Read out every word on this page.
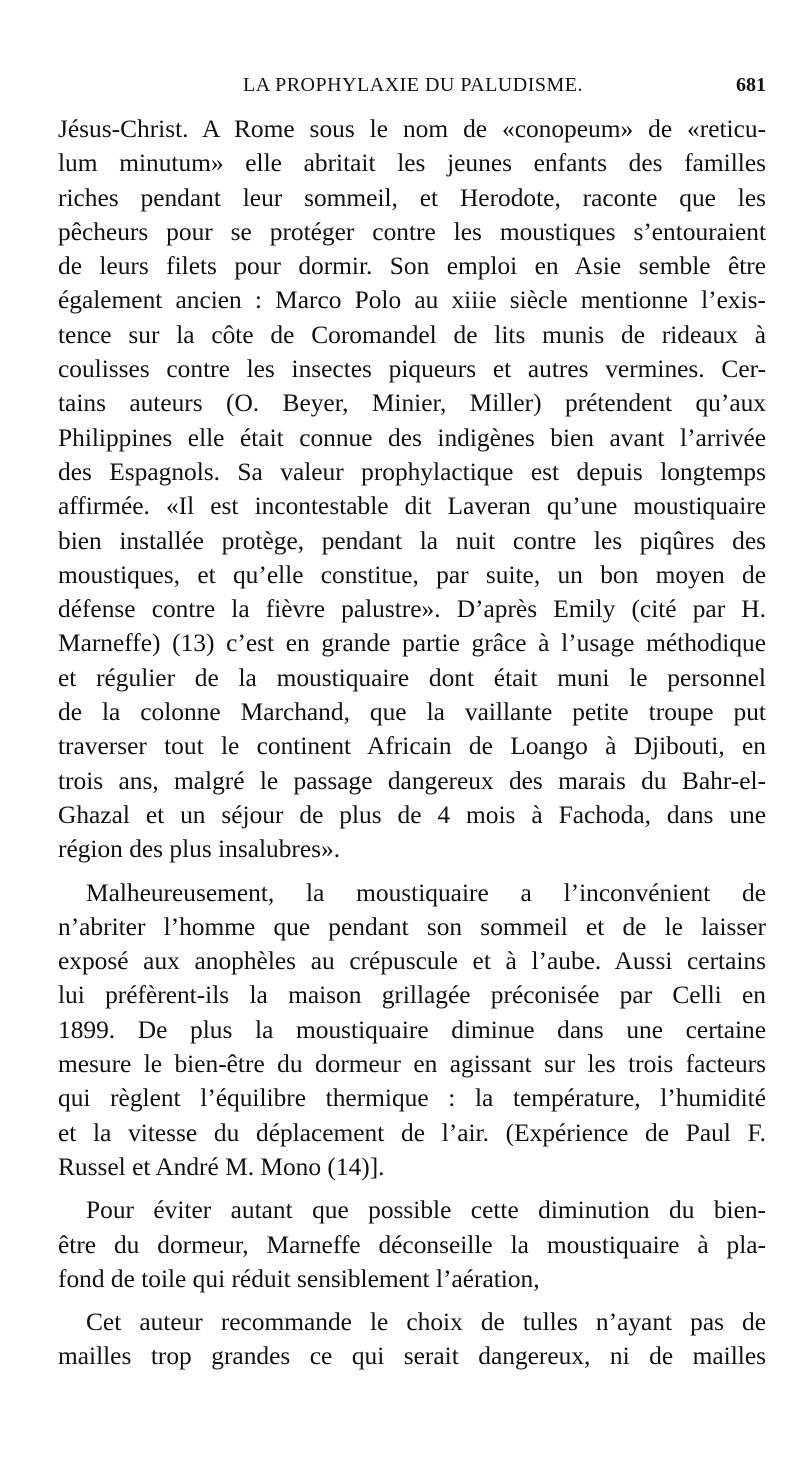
LA PROPHYLAXIE DU PALUDISME.	681
Jésus-Christ. A Rome sous le nom de «conopeum» de «reticu-
lum minutum» elle abritait les jeunes enfants des familles
riches pendant leur sommeil, et Herodote, raconte que les
pêcheurs pour se protéger contre les moustiques s’entouraient
de leurs filets pour dormir. Son emploi en Asie semble être
également ancien : Marco Polo au xiiie siècle mentionne l’exis-
tence sur la côte de Coromandel de lits munis de rideaux à
coulisses contre les insectes piqueurs et autres vermines. Cer-
tains auteurs (O. Beyer, Minier, Miller) prétendent qu’aux
Philippines elle était connue des indigènes bien avant l’arrivée
des Espagnols. Sa valeur prophylactique est depuis longtemps
affirmée. «Il est incontestable dit Laveran qu’une moustiquaire
bien installée protège, pendant la nuit contre les piqûres des
moustiques, et qu’elle constitue, par suite, un bon moyen de
défense contre la fièvre palustre». D’après Emily (cité par H.
Marneffe) (13) c’est en grande partie grâce à l’usage méthodique
et régulier de la moustiquaire dont était muni le personnel
de la colonne Marchand, que la vaillante petite troupe put
traverser tout le continent Africain de Loango à Djibouti, en
trois ans, malgré le passage dangereux des marais du Bahr-el-
Ghazal et un séjour de plus de 4 mois à Fachoda, dans une
région des plus insalubres».
Malheureusement, la moustiquaire a l’inconvénient de
n’abriter l’homme que pendant son sommeil et de le laisser
exposé aux anophèles au crépuscule et à l’aube. Aussi certains
lui préfèrent-ils la maison grillagée préconisée par Celli en
1899. De plus la moustiquaire diminue dans une certaine
mesure le bien-être du dormeur en agissant sur les trois facteurs
qui règlent l’équilibre thermique : la température, l’humidité
et la vitesse du déplacement de l’air. (Expérience de Paul F.
Russel et André M. Mono (14)].
Pour éviter autant que possible cette diminution du bien-
être du dormeur, Marneffe déconseille la moustiquaire à pla-
fond de toile qui réduit sensiblement l’aération,
Cet auteur recommande le choix de tulles n’ayant pas de
mailles trop grandes ce qui serait dangereux, ni de mailles
